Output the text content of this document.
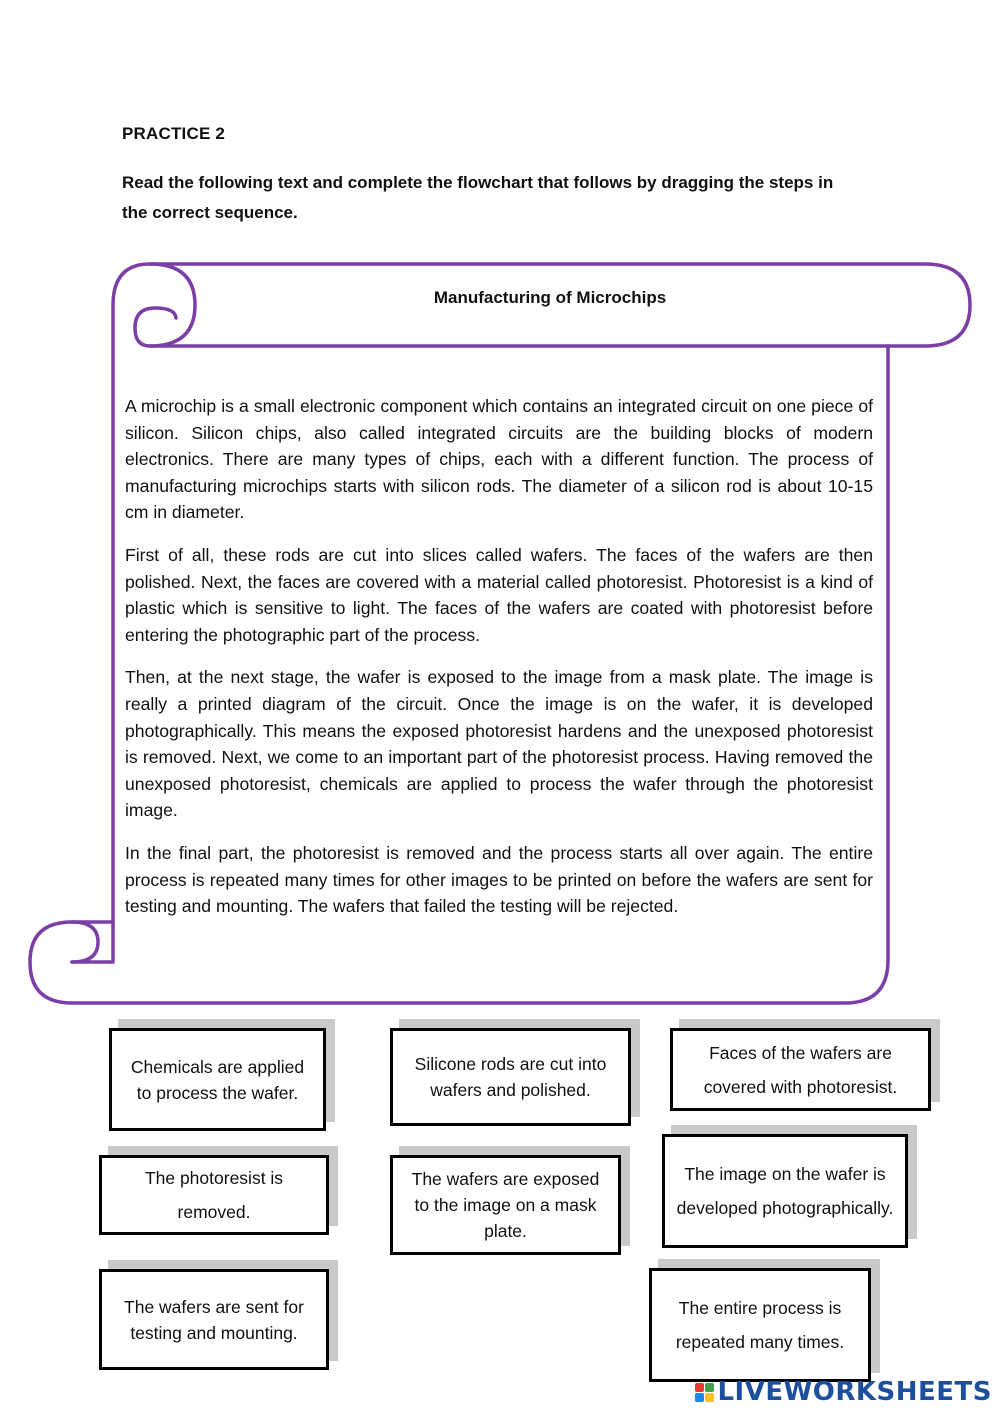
PRACTICE 2
Read the following text and complete the flowchart that follows by dragging the steps in the correct sequence.
Manufacturing of Microchips

A microchip is a small electronic component which contains an integrated circuit on one piece of silicon. Silicon chips, also called integrated circuits are the building blocks of modern electronics. There are many types of chips, each with a different function. The process of manufacturing microchips starts with silicon rods. The diameter of a silicon rod is about 10-15 cm in diameter.

First of all, these rods are cut into slices called wafers. The faces of the wafers are then polished. Next, the faces are covered with a material called photoresist. Photoresist is a kind of plastic which is sensitive to light. The faces of the wafers are coated with photoresist before entering the photographic part of the process.

Then, at the next stage, the wafer is exposed to the image from a mask plate. The image is really a printed diagram of the circuit. Once the image is on the wafer, it is developed photographically. This means the exposed photoresist hardens and the unexposed photoresist is removed. Next, we come to an important part of the photoresist process. Having removed the unexposed photoresist, chemicals are applied to process the wafer through the photoresist image.

In the final part, the photoresist is removed and the process starts all over again. The entire process is repeated many times for other images to be printed on before the wafers are sent for testing and mounting. The wafers that failed the testing will be rejected.

Chemicals are applied to process the wafer.
Silicone rods are cut into wafers and polished.
Faces of the wafers are covered with photoresist.
The photoresist is removed.
The wafers are exposed to the image on a mask plate.
The image on the wafer is developed photographically.
The wafers are sent for testing and mounting.
The entire process is repeated many times.
LIVEWORKSHEETS
